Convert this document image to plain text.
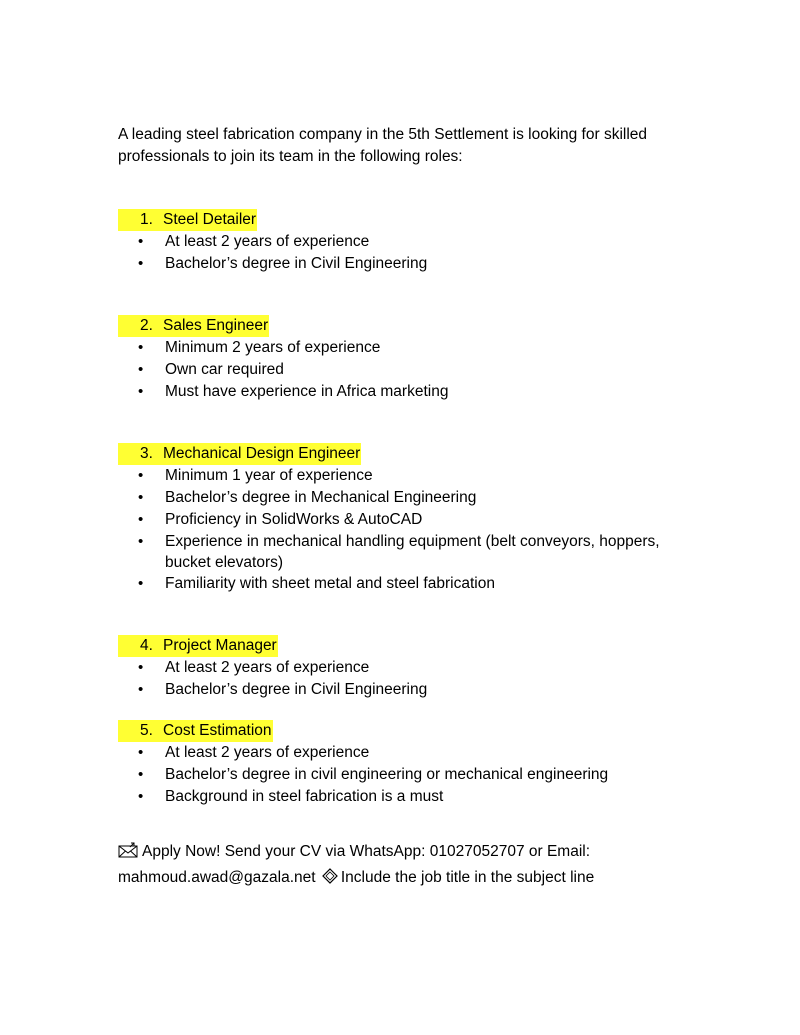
A leading steel fabrication company in the 5th Settlement is looking for skilled
professionals to join its team in the following roles:

1. Steel Detailer
• At least 2 years of experience
• Bachelor’s degree in Civil Engineering
2. Sales Engineer
• Minimum 2 years of experience
• Own car required
• Must have experience in Africa marketing
3. Mechanical Design Engineer
• Minimum 1 year of experience
• Bachelor’s degree in Mechanical Engineering
• Proficiency in SolidWorks & AutoCAD
• Experience in mechanical handling equipment (belt conveyors, hoppers,
bucket elevators)
• Familiarity with sheet metal and steel fabrication
4. Project Manager
• At least 2 years of experience
• Bachelor’s degree in Civil Engineering
5. Cost Estimation
• At least 2 years of experience
• Bachelor’s degree in civil engineering or mechanical engineering
• Background in steel fabrication is a must

Apply Now! Send your CV via WhatsApp: 01027052707 or Email:
mahmoud.awad@gazala.net Include the job title in the subject line
